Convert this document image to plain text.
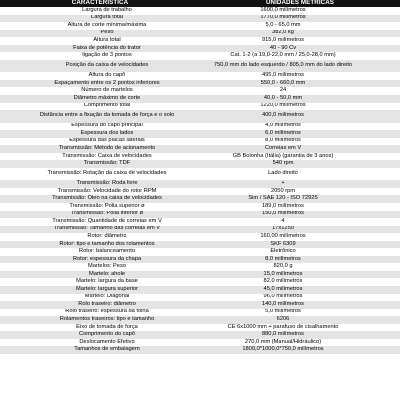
CARACTERÍSTICA	UNIDADES MÉTRICAS
Largura de trabalho	1600,0 milímetros
Largura total	1770,0 milímetros
Altura de corte mínima/máxima	5,0 - 65,0 mm
Peso	382,0 kg
Altura total	915,0 milímetros
Faixa de potência do trator	40 - 90 Cv
ligação de 3 pontos	Cat. 1-2 (a 19,0-22,0 mm / 25,0-28,0 mm)
Posição da caixa de velocidades	750,0 mm do lado esquerdo / 805,0 mm do lado direito
Altura do capô	495,0 milímetros
Espaçamento entre os 2 pontos inferiores	550,0 - 660,0 mm
Número de martelos	24
Diâmetro máximo de corte	40,0 - 50,0 mm
Comprimento total	1220,0 milímetros
Distância entre a fixação da tomada de força e o solo	400,0 milímetros
Espessura do capô principal	4,0 milímetros
Espessura dos lados	6,0 milímetros
Espessura das placas laterais	8,0 milímetros
Transmissão: Método de acionamento	Correias em V
Transmissão: Caixa de velocidades	GB Bolonha (Itália) (garantia de 3 anos)
Transmissão: TDF	540 rpm
Transmissão: Rotação da caixa de velocidades	Lado direito
Transmissão: Roda livre	+
Transmissão: Velocidade do rotor RPM	2050 rpm
Transmissão: Óleo na caixa de velocidades	Sim / SAE 120 - ISO 72925
Transmissão: Polia superior ø	189,0 milímetros
Transmissão: Polia inferior ø	150,0 milímetros
Transmissão: Quantidade de correias em V	4
Transmissão: Tamanho das correias em V	17x1250
Rotor: diâmetro	160,00 milímetros
Rotor: tipo e tamanho dos rolamentos	SKF 6309
Rotor: balanceamento	Eletrônico
Rotor: espessura da chapa	8,0 milímetros
Martelos: Peso	820,0 g
Martelo: ahole	15,0 milímetros
Martelo: largura da base	82,0 milímetros
Martelo: largura superior	45,0 milímetros
Martelo: Diagonal	96,0 milímetros
Rolo traseiro: diâmetro	140,0 milímetros
Rolo traseiro: espessura da folha	5,0 milímetros
Rolamentos traseiros: tipo e tamanho	6206
Eixo de tomada de força	CE 6x1000 mm + parafuso de cisalhamento
Comprimento do capô	880,0 milímetros
Deslocamento Efetivo	270,0 mm (Manual/Hidráulico)
Tamanhos de embalagem	1800,0*1000,0*750,0 milímetros
